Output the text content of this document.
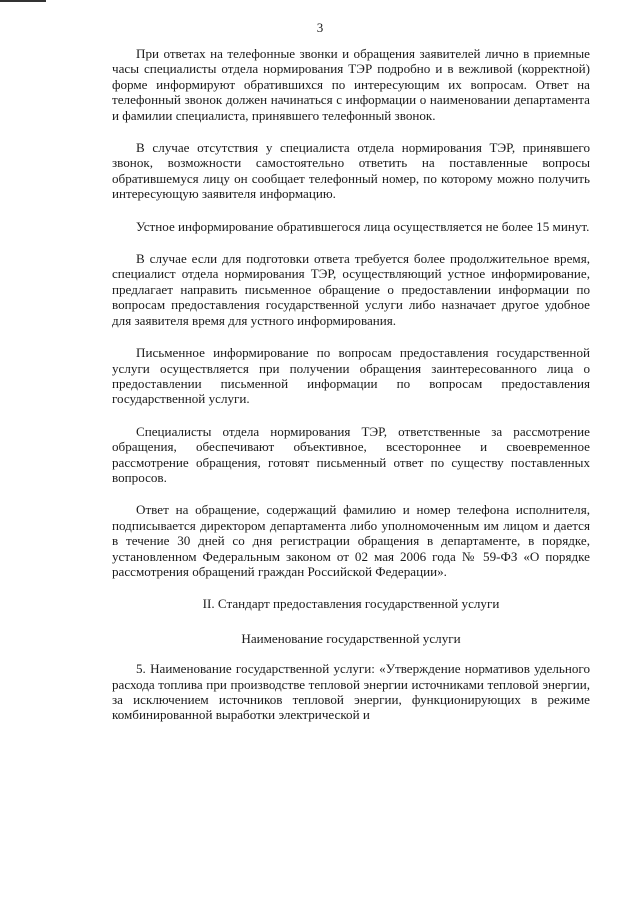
3

При ответах на телефонные звонки и обращения заявителей лично в приемные часы специалисты отдела нормирования ТЭР подробно и в вежливой (корректной) форме информируют обратившихся по интересующим их вопросам. Ответ на телефонный звонок должен начинаться с информации о наименовании департамента и фамилии специалиста, принявшего телефонный звонок.

В случае отсутствия у специалиста отдела нормирования ТЭР, принявшего звонок, возможности самостоятельно ответить на поставленные вопросы обратившемуся лицу он сообщает телефонный номер, по которому можно получить интересующую заявителя информацию.

Устное информирование обратившегося лица осуществляется не более 15 минут.

В случае если для подготовки ответа требуется более продолжительное время, специалист отдела нормирования ТЭР, осуществляющий устное информирование, предлагает направить письменное обращение о предоставлении информации по вопросам предоставления государственной услуги либо назначает другое удобное для заявителя время для устного информирования.

Письменное информирование по вопросам предоставления государственной услуги осуществляется при получении обращения заинтересованного лица о предоставлении письменной информации по вопросам предоставления государственной услуги.

Специалисты отдела нормирования ТЭР, ответственные за рассмотрение обращения, обеспечивают объективное, всестороннее и своевременное рассмотрение обращения, готовят письменный ответ по существу поставленных вопросов.

Ответ на обращение, содержащий фамилию и номер телефона исполнителя, подписывается директором департамента либо уполномоченным им лицом и дается в течение 30 дней со дня регистрации обращения в департаменте, в порядке, установленном Федеральным законом от 02 мая 2006 года № 59-ФЗ «О порядке рассмотрения обращений граждан Российской Федерации».

II. Стандарт предоставления государственной услуги
Наименование государственной услуги

5. Наименование государственной услуги: «Утверждение нормативов удельного расхода топлива при производстве тепловой энергии источниками тепловой энергии, за исключением источников тепловой энергии, функционирующих в режиме комбинированной выработки электрической и
